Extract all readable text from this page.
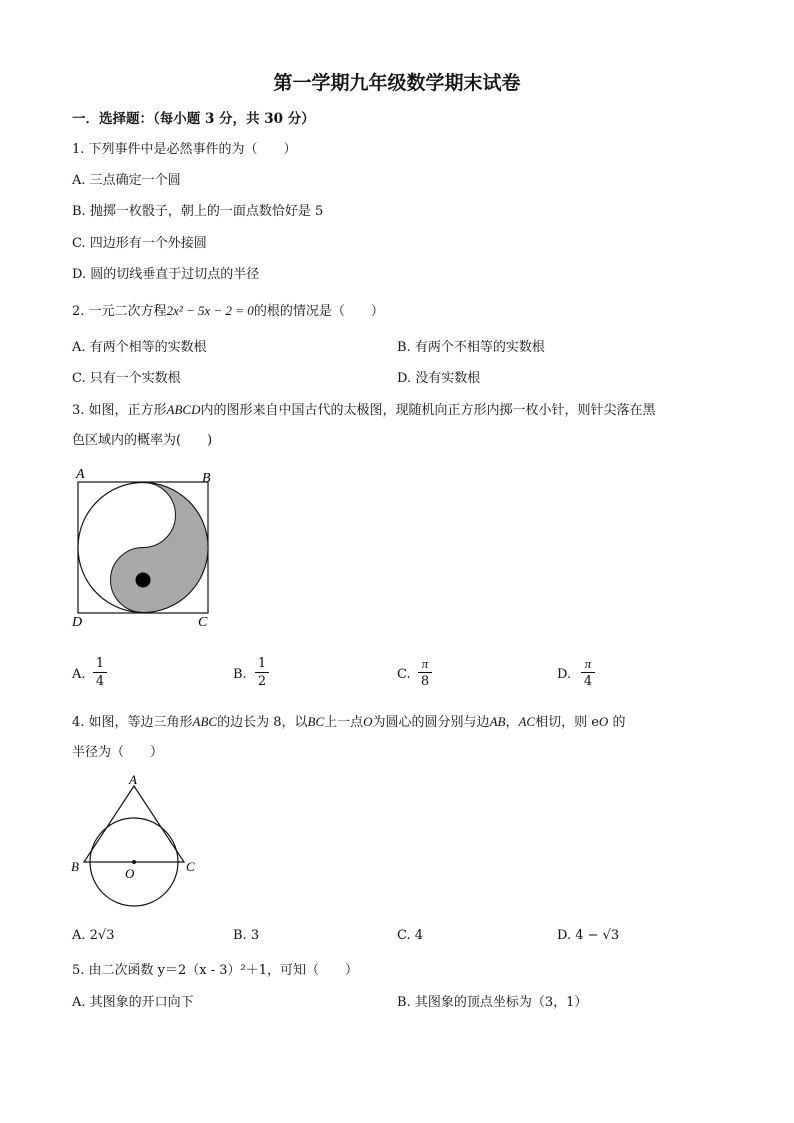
第一学期九年级数学期末试卷
一．选择题：（每小题 3 分，共 30 分）
1. 下列事件中是必然事件的为（　　）
A. 三点确定一个圆
B. 抛掷一枚骰子，朝上的一面点数恰好是 5
C. 四边形有一个外接圆
D. 圆的切线垂直于过切点的半径
2. 一元二次方程2x² − 5x − 2 = 0的根的情况是（　　）
A. 有两个相等的实数根	B. 有两个不相等的实数根
C. 只有一个实数根	D. 没有实数根
3. 如图，正方形ABCD内的图形来自中国古代的太极图，现随机向正方形内掷一枚小针，则针尖落在黑
色区域内的概率为(　　)
A	B
D	C
A.
1
4	B.
1
2	C.
π
8	D.
π
4
4. 如图，等边三角形ABC的边长为 8，以BC上一点O为圆心的圆分别与边AB，AC相切，则 eO 的
半径为（　　）
A
B	C
O
A. 2√3	B. 3	C. 4	D. 4 − √3
5. 由二次函数 y＝2（x - 3）²＋1，可知（　　）
A. 其图象的开口向下	B. 其图象的顶点坐标为（3，1）
